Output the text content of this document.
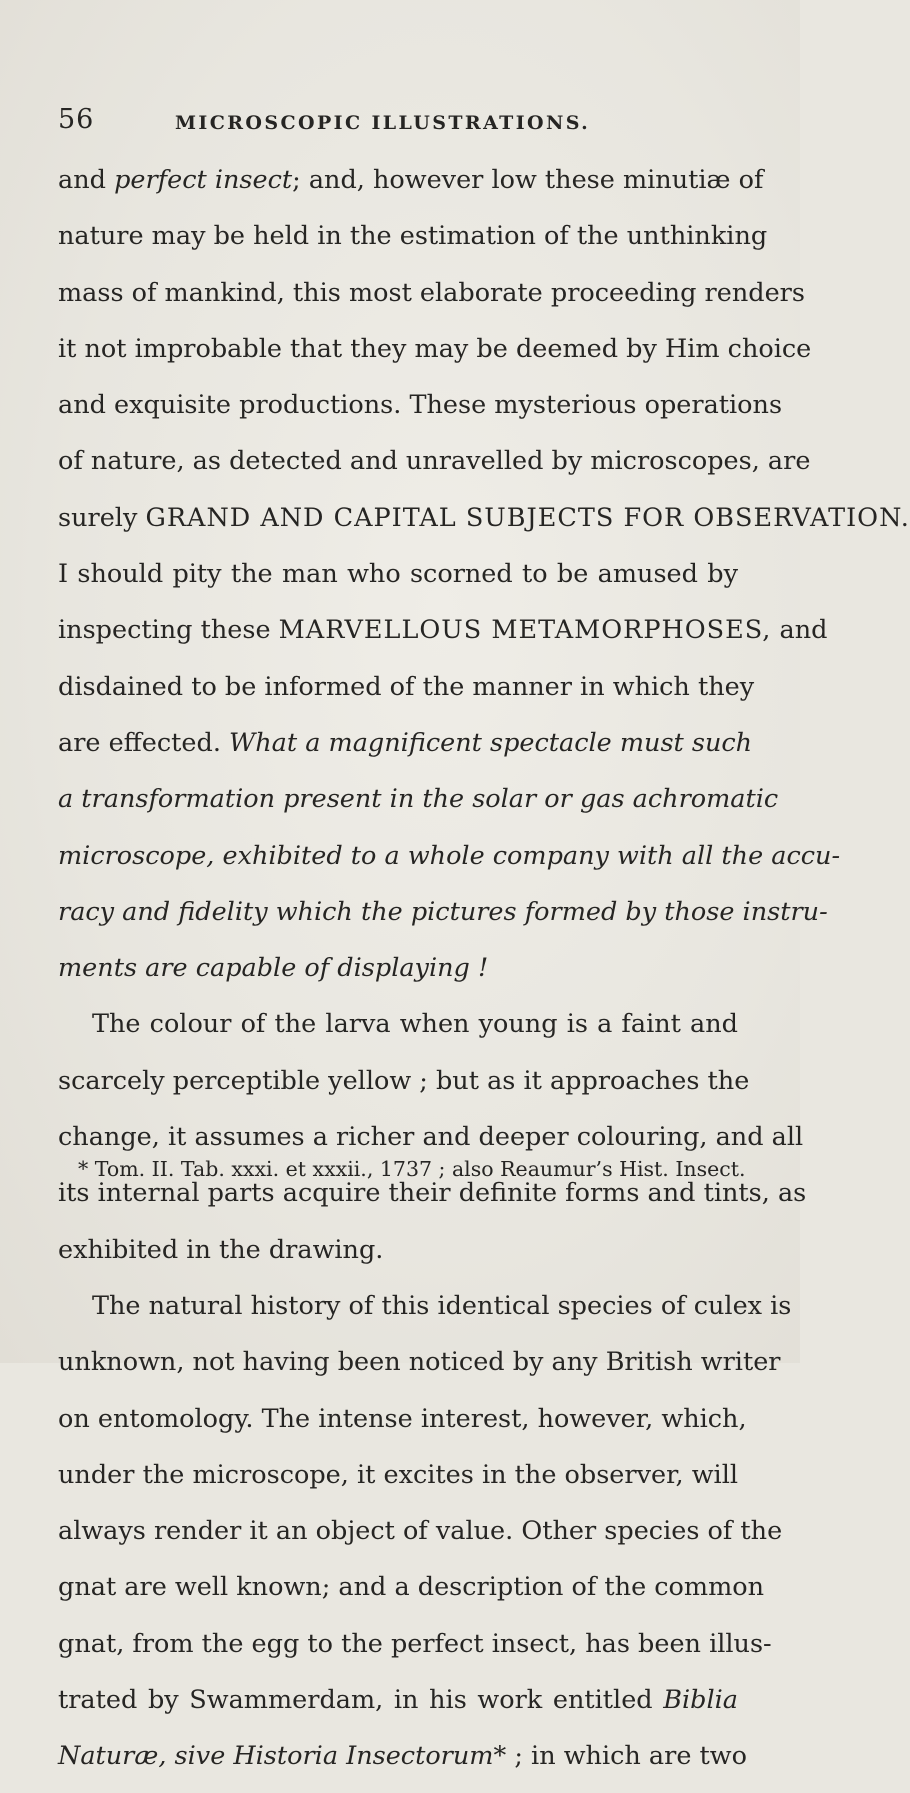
56	MICROSCOPIC ILLUSTRATIONS.
and perfect insect; and, however low these minutiæ of
nature may be held in the estimation of the unthinking
mass of mankind, this most elaborate proceeding renders
it not improbable that they may be deemed by Him choice
and exquisite productions. These mysterious operations
of nature, as detected and unravelled by microscopes, are
surely GRAND AND CAPITAL SUBJECTS FOR OBSERVATION.
I should pity the man who scorned to be amused by
inspecting these MARVELLOUS METAMORPHOSES, and
disdained to be informed of the manner in which they
are effected. What a magnificent spectacle must such
a transformation present in the solar or gas achromatic
microscope, exhibited to a whole company with all the accu-
racy and fidelity which the pictures formed by those instru-
ments are capable of displaying !
The colour of the larva when young is a faint and
scarcely perceptible yellow ; but as it approaches the
change, it assumes a richer and deeper colouring, and all
its internal parts acquire their definite forms and tints, as
exhibited in the drawing.
The natural history of this identical species of culex is
unknown, not having been noticed by any British writer
on entomology. The intense interest, however, which,
under the microscope, it excites in the observer, will
always render it an object of value. Other species of the
gnat are well known; and a description of the common
gnat, from the egg to the perfect insect, has been illus-
trated by Swammerdam, in his work entitled Biblia
Naturæ, sive Historia Insectorum* ; in which are two
* Tom. II. Tab. xxxi. et xxxii., 1737 ; also Reaumur’s Hist. Insect.
